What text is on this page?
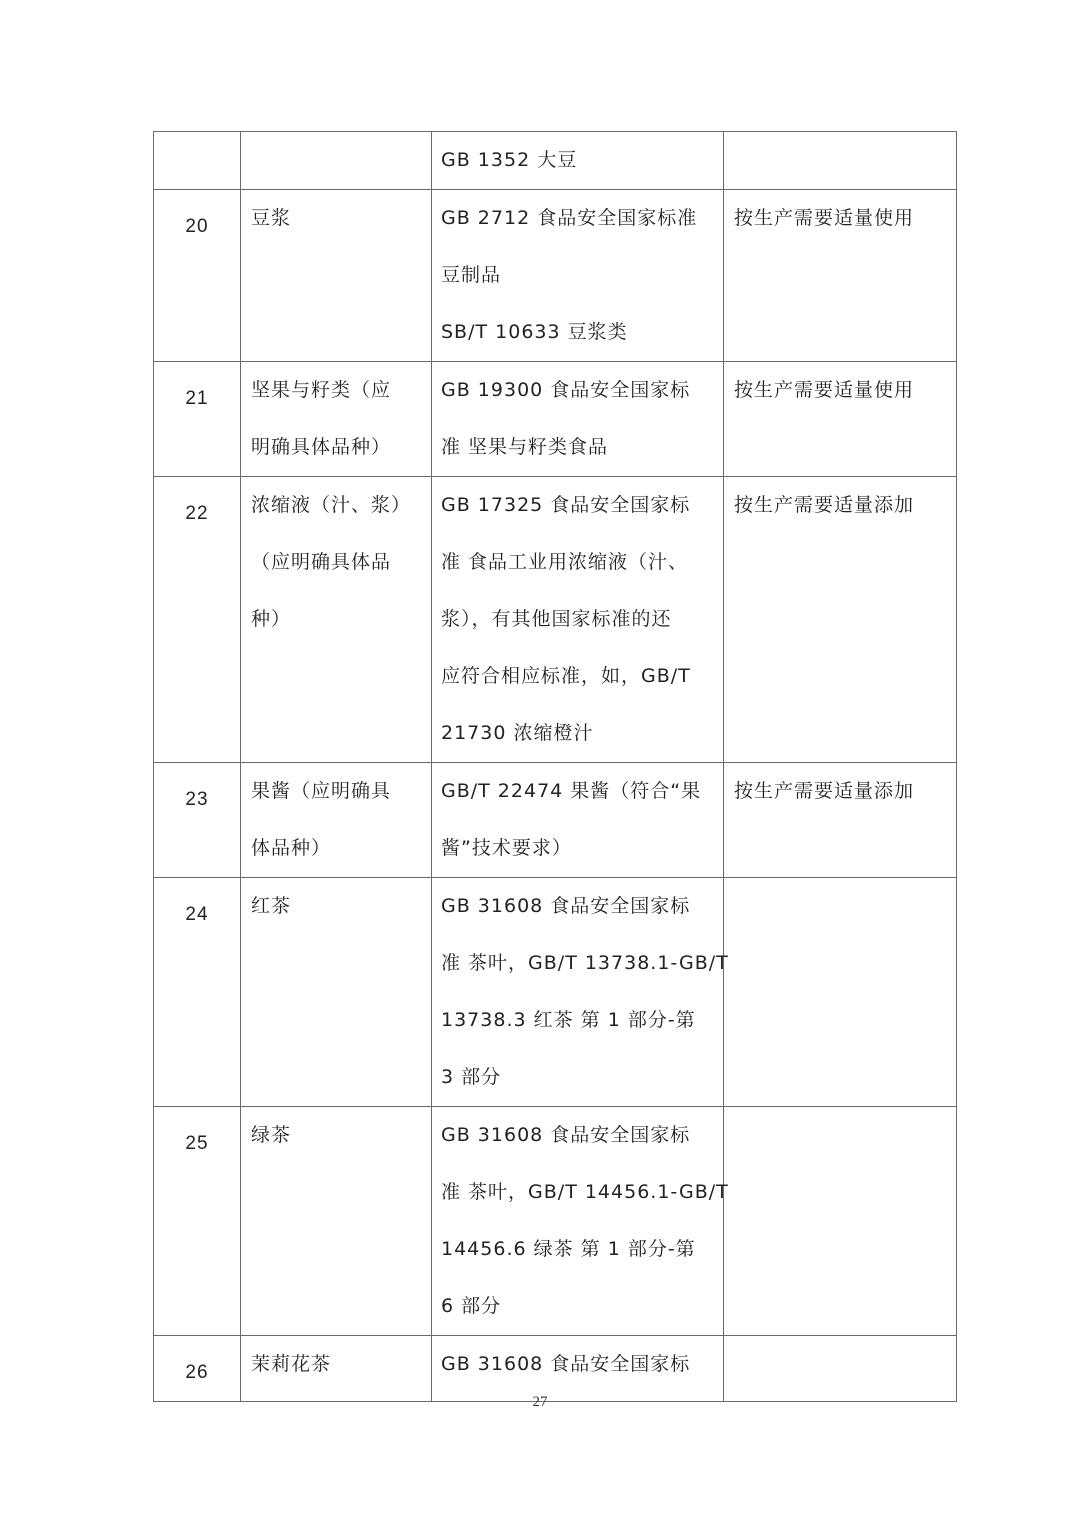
		GB 1352 大豆	

20	豆浆	GB 2712 食品安全国家标准
豆制品
SB/T 10633 豆浆类	按生产需要适量使用

21	坚果与籽类（应
明确具体品种）	GB 19300 食品安全国家标
准 坚果与籽类食品	按生产需要适量使用

22	浓缩液（汁、浆）
（应明确具体品
种）	GB 17325 食品安全国家标
准 食品工业用浓缩液（汁、
浆），有其他国家标准的还
应符合相应标准，如，GB/T
21730 浓缩橙汁	按生产需要适量添加

23	果酱（应明确具
体品种）	GB/T 22474 果酱（符合“果
酱”技术要求）	按生产需要适量添加

24	红茶	GB 31608 食品安全国家标
准 茶叶，GB/T 13738.1-GB/T
13738.3 红茶 第 1 部分-第
3 部分	

25	绿茶	GB 31608 食品安全国家标
准 茶叶，GB/T 14456.1-GB/T
14456.6 绿茶 第 1 部分-第
6 部分	

26	茉莉花茶	GB 31608 食品安全国家标	

27
